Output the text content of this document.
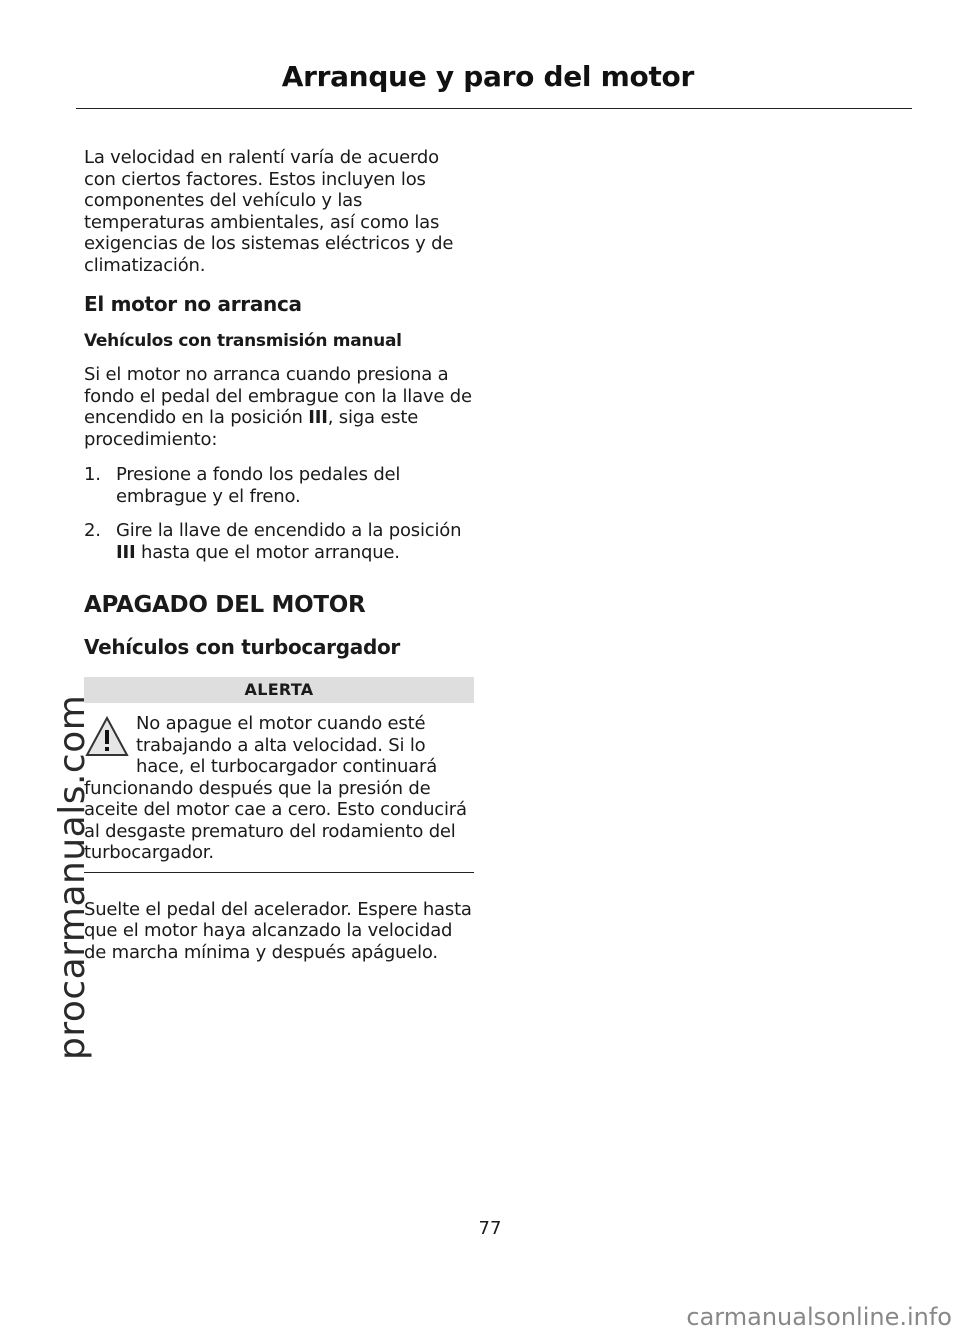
Arranque y paro del motor

La velocidad en ralentí varía de acuerdo con ciertos factores. Estos incluyen los componentes del vehículo y las temperaturas ambientales, así como las exigencias de los sistemas eléctricos y de climatización.

El motor no arranca
Vehículos con transmisión manual

Si el motor no arranca cuando presiona a fondo el pedal del embrague con la llave de encendido en la posición III, siga este procedimiento:

1. Presione a fondo los pedales del embrague y el freno.
2. Gire la llave de encendido a la posición III hasta que el motor arranque.
APAGADO DEL MOTOR
Vehículos con turbocargador
ALERTA
No apague el motor cuando esté trabajando a alta velocidad. Si lo hace, el turbocargador continuará funcionando después que la presión de aceite del motor cae a cero. Esto conducirá al desgaste prematuro del rodamiento del turbocargador.

Suelte el pedal del acelerador. Espere hasta que el motor haya alcanzado la velocidad de marcha mínima y después apáguelo.

77
procarmanuals.com
carmanualsonline.info
